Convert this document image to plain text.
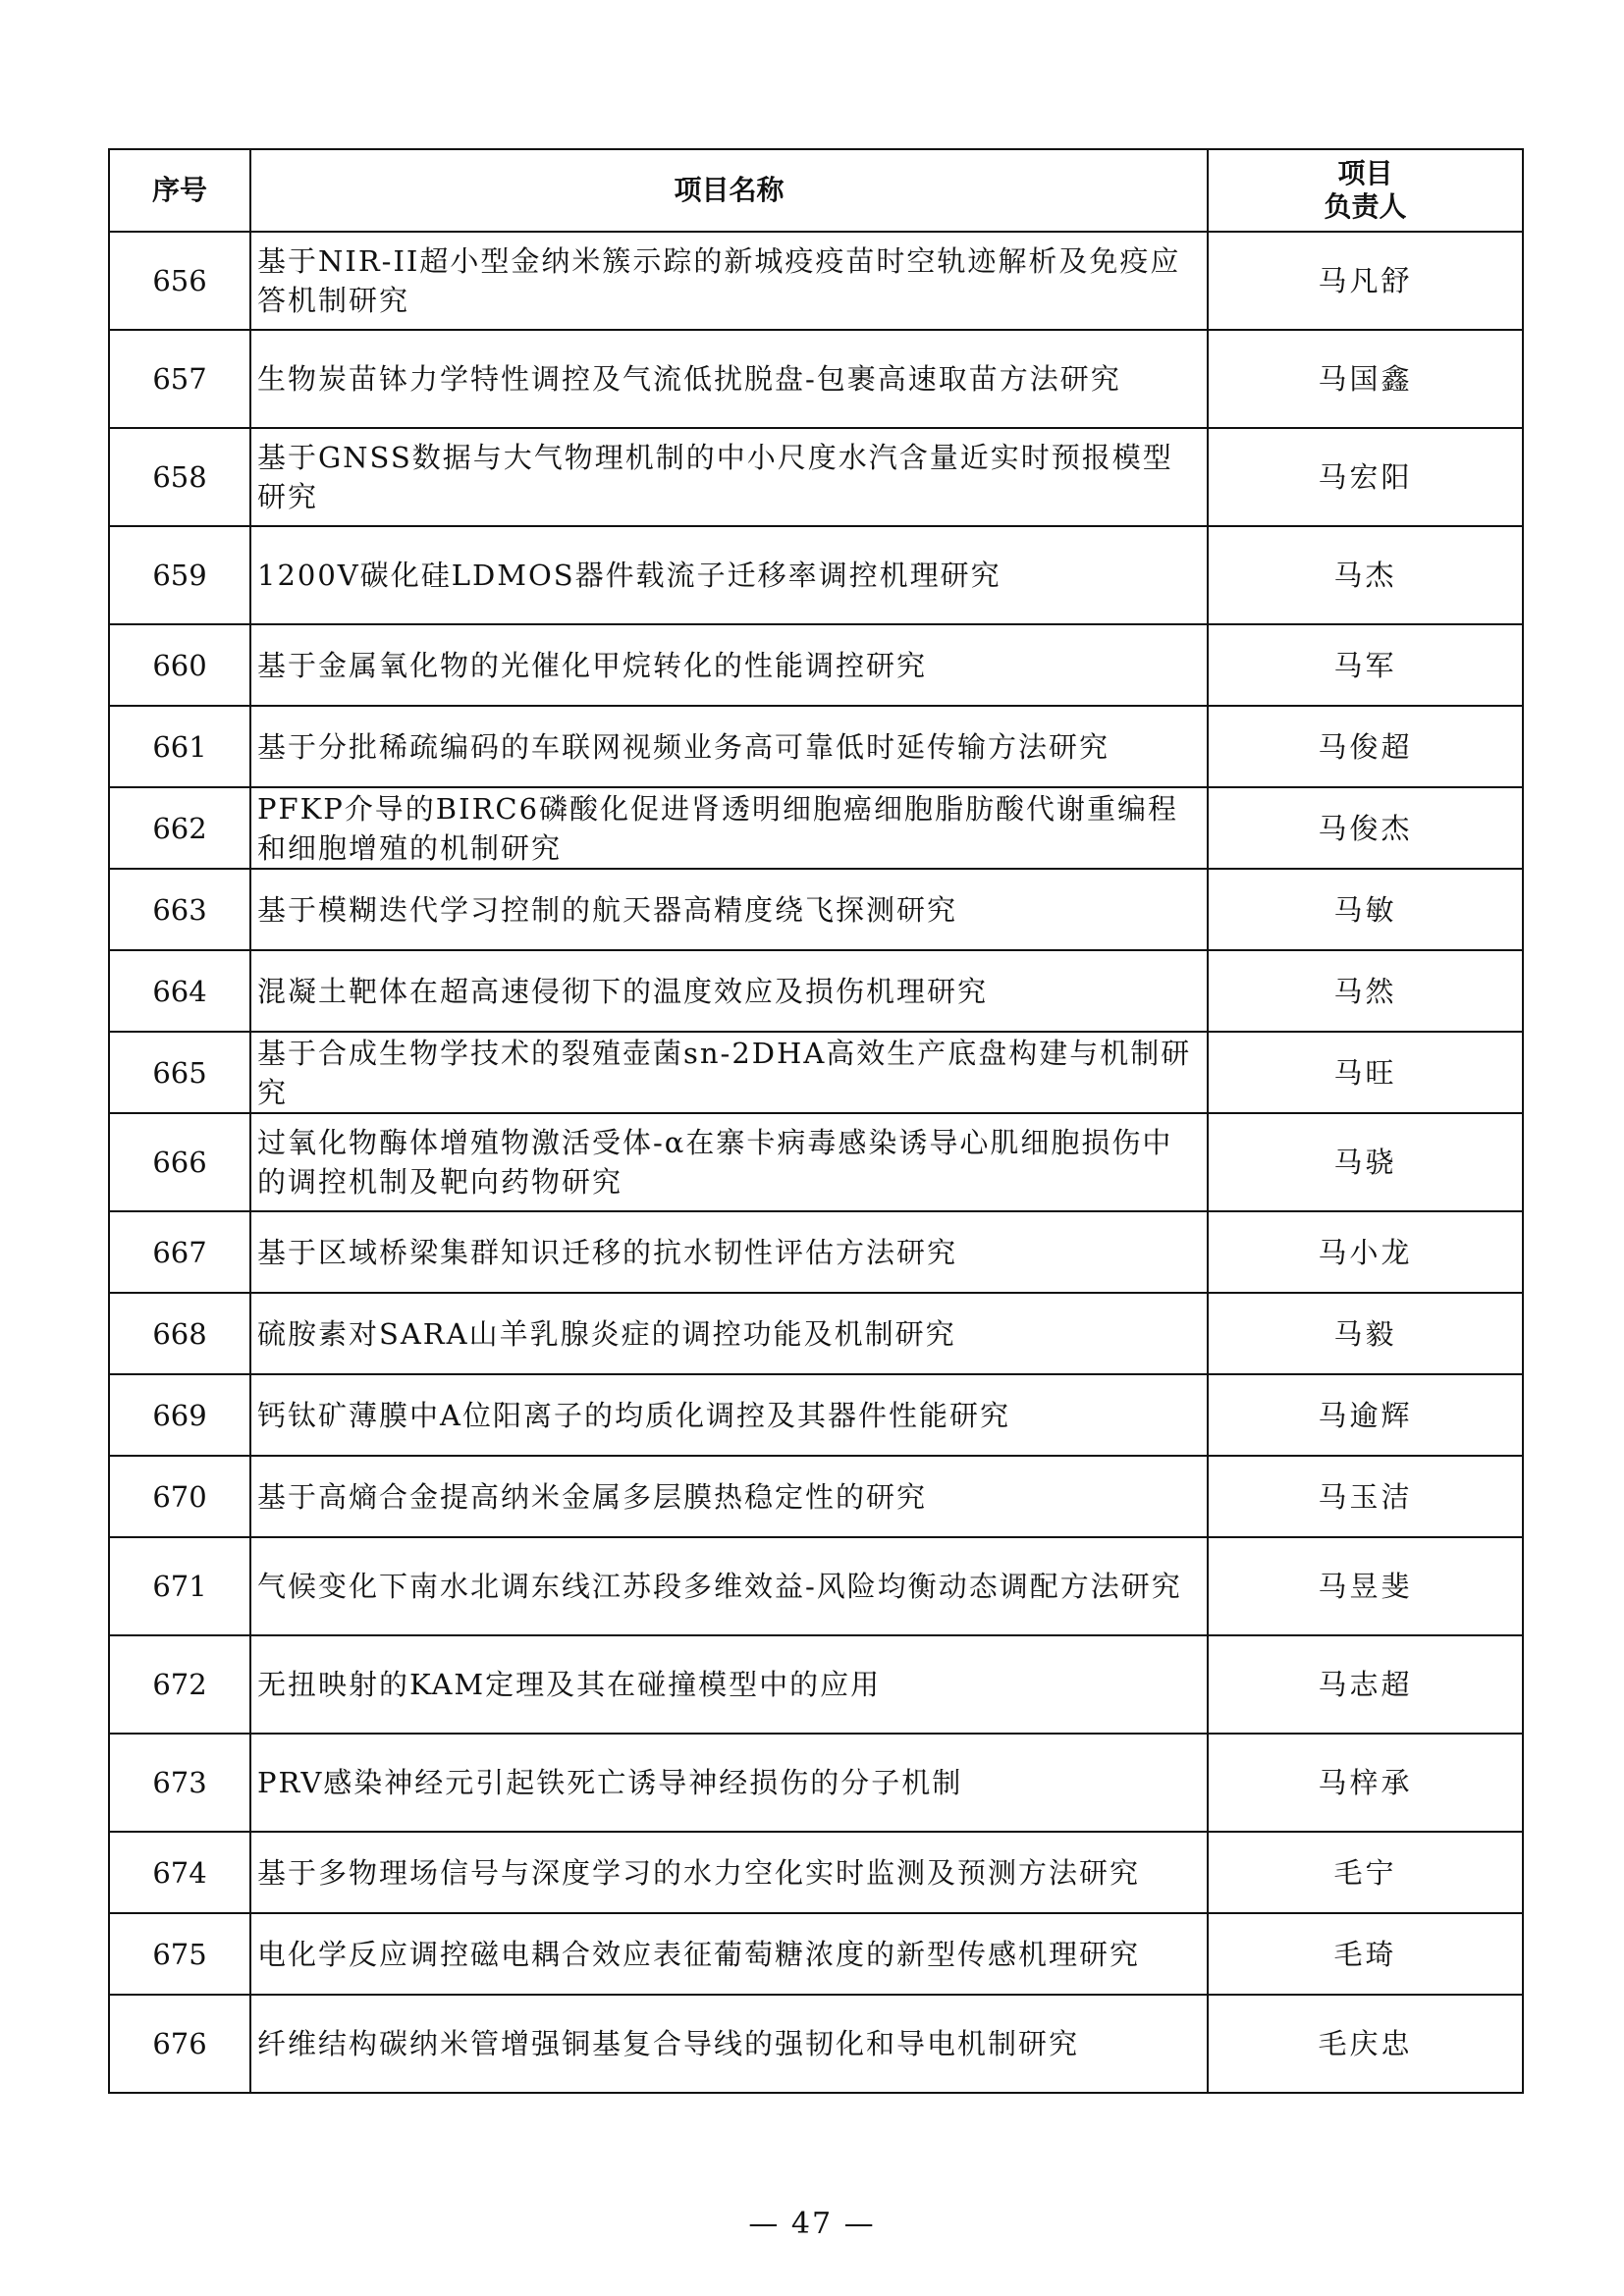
序号	项目名称	项目
负责人

656	基于NIR-II超小型金纳米簇示踪的新城疫疫苗时空轨迹解析及免疫应答机制研究	马凡舒
657	生物炭苗钵力学特性调控及气流低扰脱盘-包裹高速取苗方法研究	马国鑫
658	基于GNSS数据与大气物理机制的中小尺度水汽含量近实时预报模型研究	马宏阳
659	1200V碳化硅LDMOS器件载流子迁移率调控机理研究	马杰
660	基于金属氧化物的光催化甲烷转化的性能调控研究	马军
661	基于分批稀疏编码的车联网视频业务高可靠低时延传输方法研究	马俊超
662	PFKP介导的BIRC6磷酸化促进肾透明细胞癌细胞脂肪酸代谢重编程和细胞增殖的机制研究	马俊杰
663	基于模糊迭代学习控制的航天器高精度绕飞探测研究	马敏
664	混凝土靶体在超高速侵彻下的温度效应及损伤机理研究	马然
665	基于合成生物学技术的裂殖壶菌sn-2DHA高效生产底盘构建与机制研究	马旺
666	过氧化物酶体增殖物激活受体-α在寨卡病毒感染诱导心肌细胞损伤中的调控机制及靶向药物研究	马骁
667	基于区域桥梁集群知识迁移的抗水韧性评估方法研究	马小龙
668	硫胺素对SARA山羊乳腺炎症的调控功能及机制研究	马毅
669	钙钛矿薄膜中A位阳离子的均质化调控及其器件性能研究	马逾辉
670	基于高熵合金提高纳米金属多层膜热稳定性的研究	马玉洁
671	气候变化下南水北调东线江苏段多维效益-风险均衡动态调配方法研究	马昱斐
672	无扭映射的KAM定理及其在碰撞模型中的应用	马志超
673	PRV感染神经元引起铁死亡诱导神经损伤的分子机制	马梓承
674	基于多物理场信号与深度学习的水力空化实时监测及预测方法研究	毛宁
675	电化学反应调控磁电耦合效应表征葡萄糖浓度的新型传感机理研究	毛琦
676	纤维结构碳纳米管增强铜基复合导线的强韧化和导电机制研究	毛庆忠
— 47 —
